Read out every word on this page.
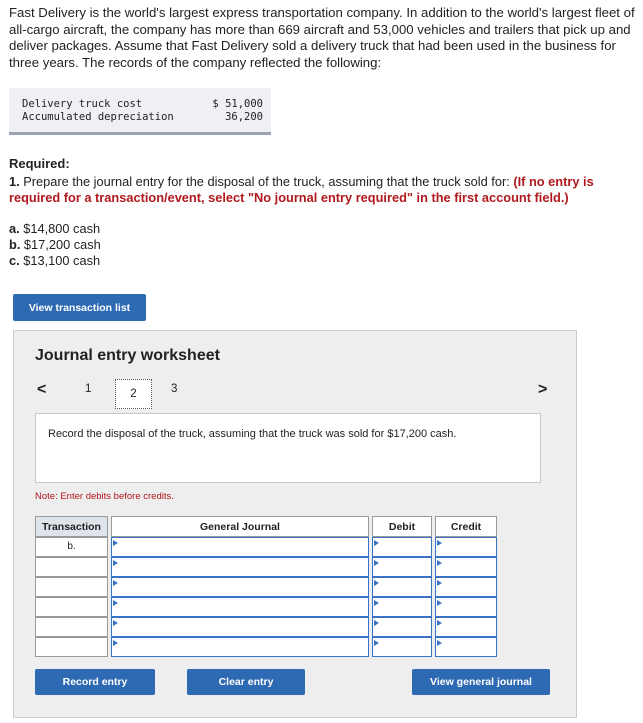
Fast Delivery is the world's largest express transportation company. In addition to the world's largest fleet of all-cargo aircraft, the company has more than 669 aircraft and 53,000 vehicles and trailers that pick up and deliver packages. Assume that Fast Delivery sold a delivery truck that had been used in the business for three years. The records of the company reflected the following:
Delivery truck cost	$ 51,000
Accumulated depreciation	36,200
Required:
1. Prepare the journal entry for the disposal of the truck, assuming that the truck sold for: (If no entry is required for a transaction/event, select "No journal entry required" in the first account field.)
a. $14,800 cash
b. $17,200 cash
c. $13,100 cash
View transaction list
Journal entry worksheet
<	1	2	3	>
Record the disposal of the truck, assuming that the truck was sold for $17,200 cash.
Note: Enter debits before credits.
Transaction	General Journal	Debit	Credit
b.
Record entry	Clear entry	View general journal
